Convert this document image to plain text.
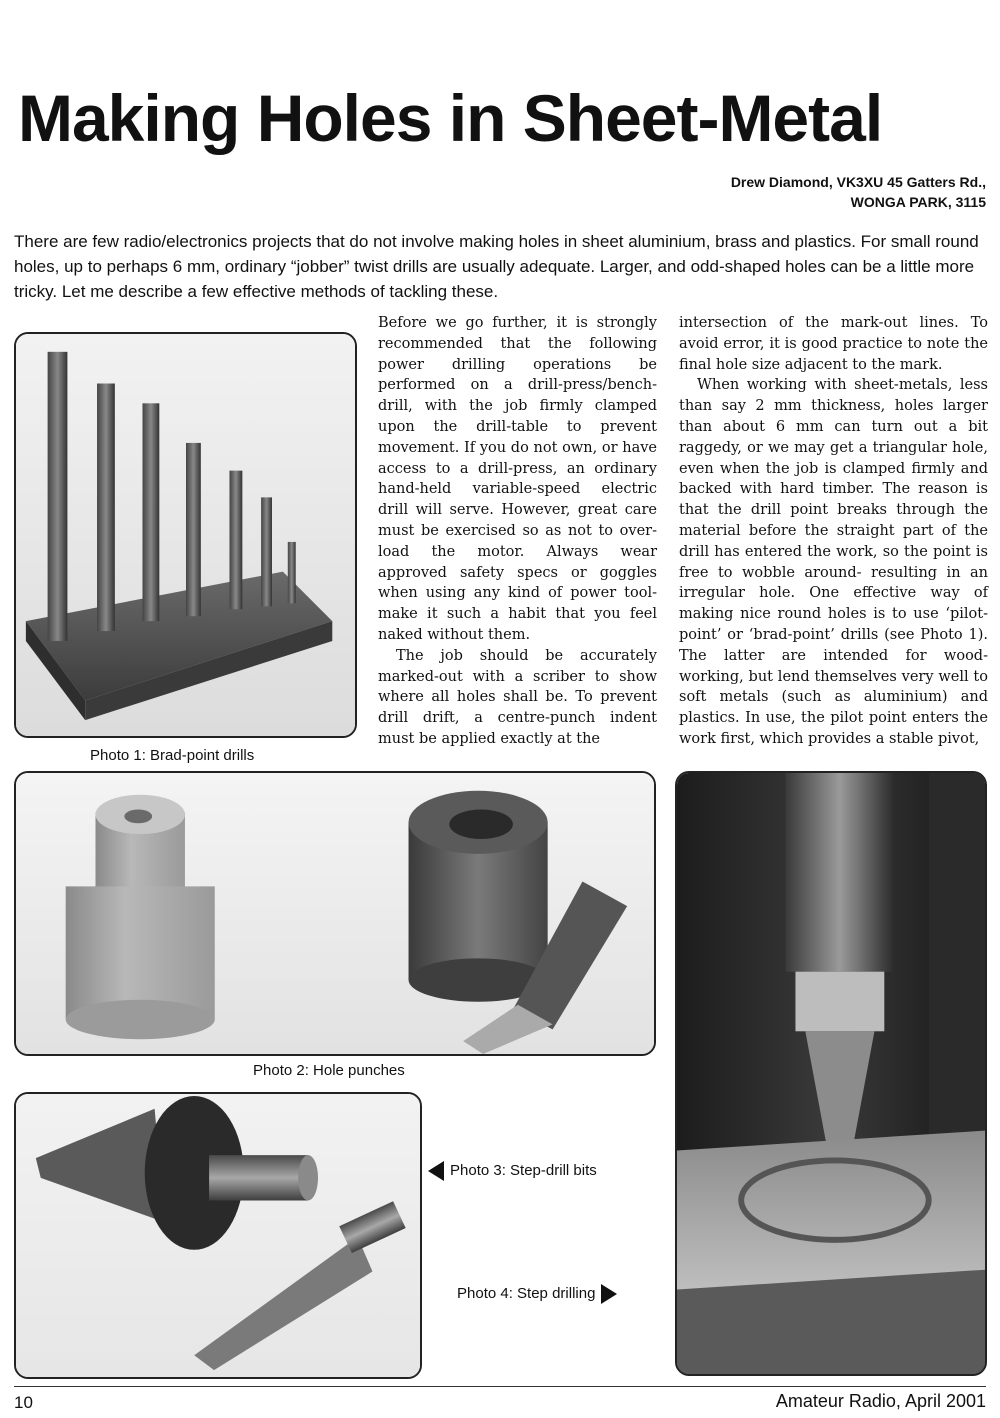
Making Holes in Sheet-Metal
Drew Diamond, VK3XU 45 Gatters Rd.,
WONGA PARK, 3115

There are few radio/electronics projects that do not involve making holes in sheet aluminium, brass and plastics. For small round holes, up to perhaps 6 mm, ordinary “jobber” twist drills are usually adequate. Larger, and odd-shaped holes can be a little more tricky. Let me describe a few effective methods of tackling these.

Photo 1: Brad-point drills

Before we go further, it is strongly recommended that the following power drilling operations be performed on a drill-press/bench-drill, with the job firmly clamped upon the drill-table to prevent movement. If you do not own, or have access to a drill-press, an ordinary hand-held variable-speed electric drill will serve. However, great care must be exercised so as not to over-load the motor. Always wear approved safety specs or goggles when using any kind of power tool- make it such a habit that you feel naked without them.

The job should be accurately marked-out with a scriber to show where all holes shall be. To prevent drill drift, a centre-punch indent must be applied exactly at the

intersection of the mark-out lines. To avoid error, it is good practice to note the final hole size adjacent to the mark.

When working with sheet-metals, less than say 2 mm thickness, holes larger than about 6 mm can turn out a bit raggedy, or we may get a triangular hole, even when the job is clamped firmly and backed with hard timber. The reason is that the drill point breaks through the material before the straight part of the drill has entered the work, so the point is free to wobble around- resulting in an irregular hole. One effective way of making nice round holes is to use ‘pilot-point’ or ‘brad-point’ drills (see Photo 1). The latter are intended for wood-working, but lend themselves very well to soft metals (such as aluminium) and plastics. In use, the pilot point enters the work first, which provides a stable pivot,

Photo 2: Hole punches
Photo 3: Step-drill bits
Photo 4: Step drilling
10	Amateur Radio, April 2001
